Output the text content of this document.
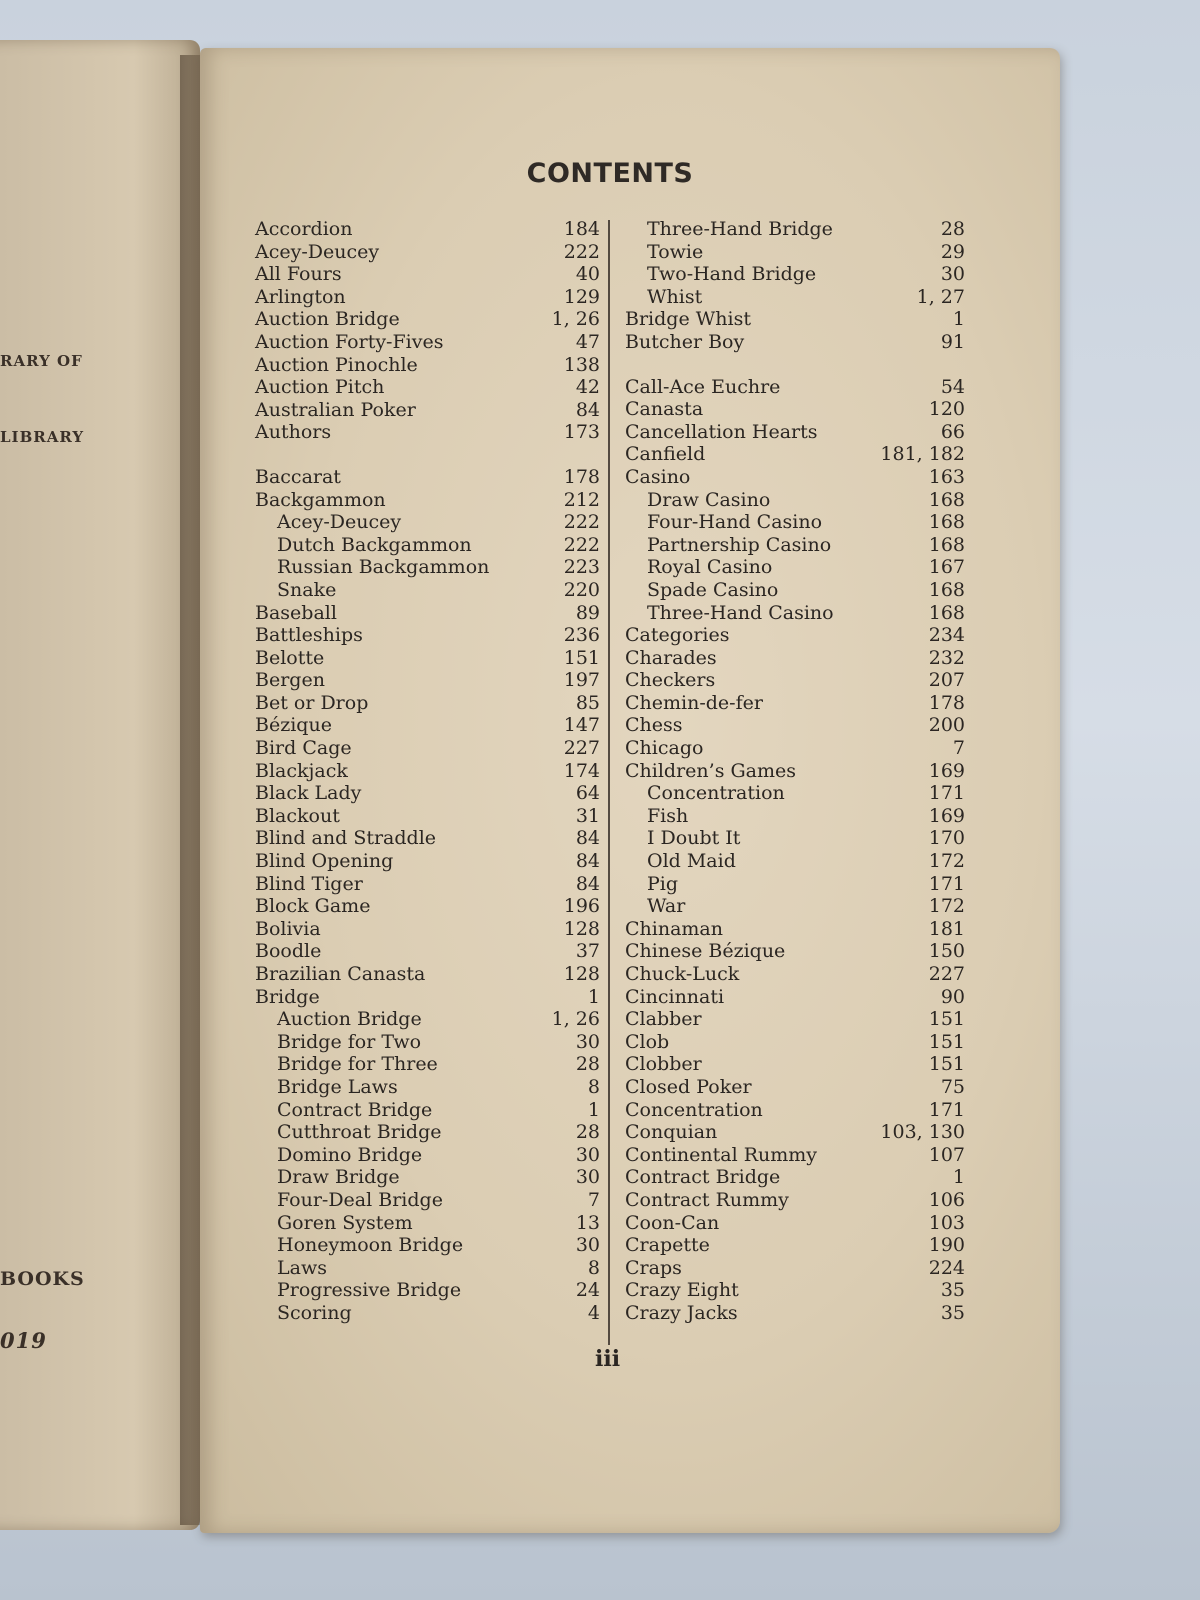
RARY OF
LIBRARY
BOOKS
019
CONTENTS
Accordion	184
Acey-Deucey	222
All Fours	40
Arlington	129
Auction Bridge	1, 26
Auction Forty-Fives	47
Auction Pinochle	138
Auction Pitch	42
Australian Poker	84
Authors	173
Baccarat	178
Backgammon	212
Acey-Deucey	222
Dutch Backgammon	222
Russian Backgammon	223
Snake	220
Baseball	89
Battleships	236
Belotte	151
Bergen	197
Bet or Drop	85
Bézique	147
Bird Cage	227
Blackjack	174
Black Lady	64
Blackout	31
Blind and Straddle	84
Blind Opening	84
Blind Tiger	84
Block Game	196
Bolivia	128
Boodle	37
Brazilian Canasta	128
Bridge	1
Auction Bridge	1, 26
Bridge for Two	30
Bridge for Three	28
Bridge Laws	8
Contract Bridge	1
Cutthroat Bridge	28
Domino Bridge	30
Draw Bridge	30
Four-Deal Bridge	7
Goren System	13
Honeymoon Bridge	30
Laws	8
Progressive Bridge	24
Scoring	4
Three-Hand Bridge	28
Towie	29
Two-Hand Bridge	30
Whist	1, 27
Bridge Whist	1
Butcher Boy	91
Call-Ace Euchre	54
Canasta	120
Cancellation Hearts	66
Canfield	181, 182
Casino	163
Draw Casino	168
Four-Hand Casino	168
Partnership Casino	168
Royal Casino	167
Spade Casino	168
Three-Hand Casino	168
Categories	234
Charades	232
Checkers	207
Chemin-de-fer	178
Chess	200
Chicago	7
Children’s Games	169
Concentration	171
Fish	169
I Doubt It	170
Old Maid	172
Pig	171
War	172
Chinaman	181
Chinese Bézique	150
Chuck-Luck	227
Cincinnati	90
Clabber	151
Clob	151
Clobber	151
Closed Poker	75
Concentration	171
Conquian	103, 130
Continental Rummy	107
Contract Bridge	1
Contract Rummy	106
Coon-Can	103
Crapette	190
Craps	224
Crazy Eight	35
Crazy Jacks	35
iii
